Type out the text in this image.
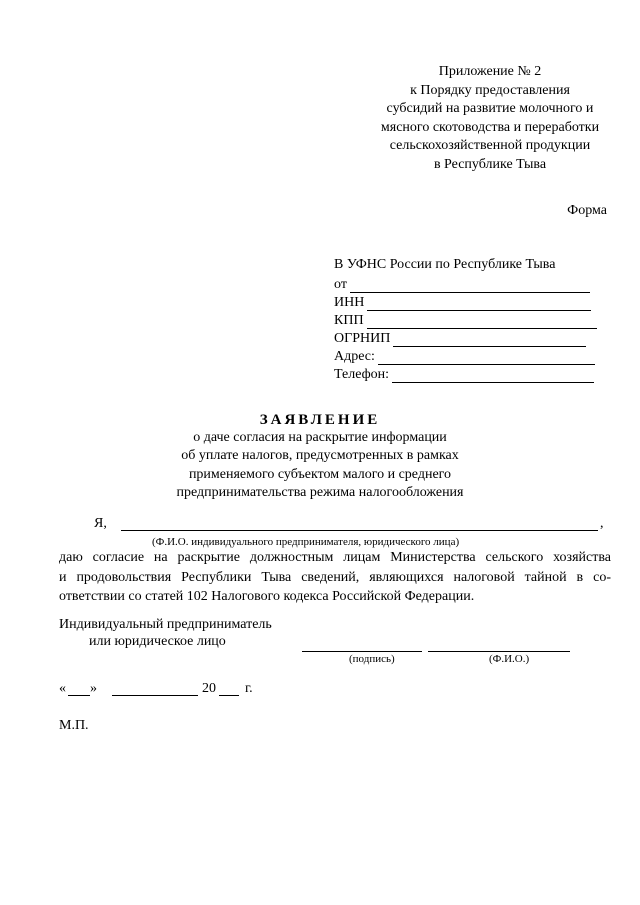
Приложение № 2
к Порядку предоставления
субсидий на развитие молочного и
мясного скотоводства и переработки
сельскохозяйственной продукции
в Республике Тыва
Форма
В УФНС России по Республике Тыва
от
ИНН
КПП
ОГРНИП
Адрес:
Телефон:
ЗАЯВЛЕНИЕ
о даче согласия на раскрытие информации
об уплате налогов, предусмотренных в рамках
применяемого субъектом малого и среднего
предпринимательства режима налогообложения
Я,	,
(Ф.И.О. индивидуального предпринимателя, юридического лица)
даю согласие на раскрытие должностным лицам Министерства сельского хозяйства
и продовольствия Республики Тыва сведений, являющихся налоговой тайной в со-
ответствии со статей 102 Налогового кодекса Российской Федерации.
Индивидуальный предприниматель
или юридическое лицо
(подпись)	(Ф.И.О.)
« »	20 г.
М.П.
